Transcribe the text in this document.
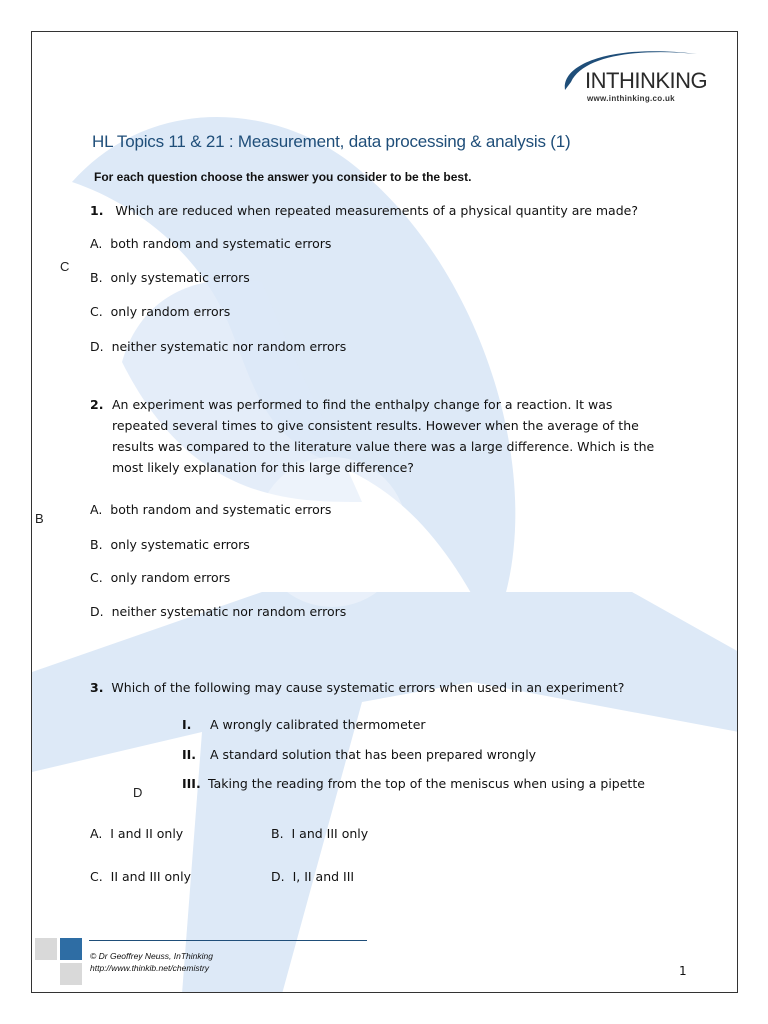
INTHINKING
www.inthinking.co.uk
HL Topics 11 & 21 : Measurement, data processing & analysis (1)
For each question choose the answer you consider to be the best.
1. Which are reduced when repeated measurements of a physical quantity are made?
A. both random and systematic errors
B. only systematic errors
C. only random errors
D. neither systematic nor random errors
C
2. An experiment was performed to find the enthalpy change for a reaction. It was
repeated several times to give consistent results. However when the average of the
results was compared to the literature value there was a large difference. Which is the
most likely explanation for this large difference?
A. both random and systematic errors
B. only systematic errors
C. only random errors
D. neither systematic nor random errors
B
3. Which of the following may cause systematic errors when used in an experiment?
I. A wrongly calibrated thermometer
II. A standard solution that has been prepared wrongly
III. Taking the reading from the top of the meniscus when using a pipette
D
A. I and II only	B. I and III only
C. II and III only	D. I, II and III
© Dr Geoffrey Neuss, InThinking
http://www.thinkib.net/chemistry	1
